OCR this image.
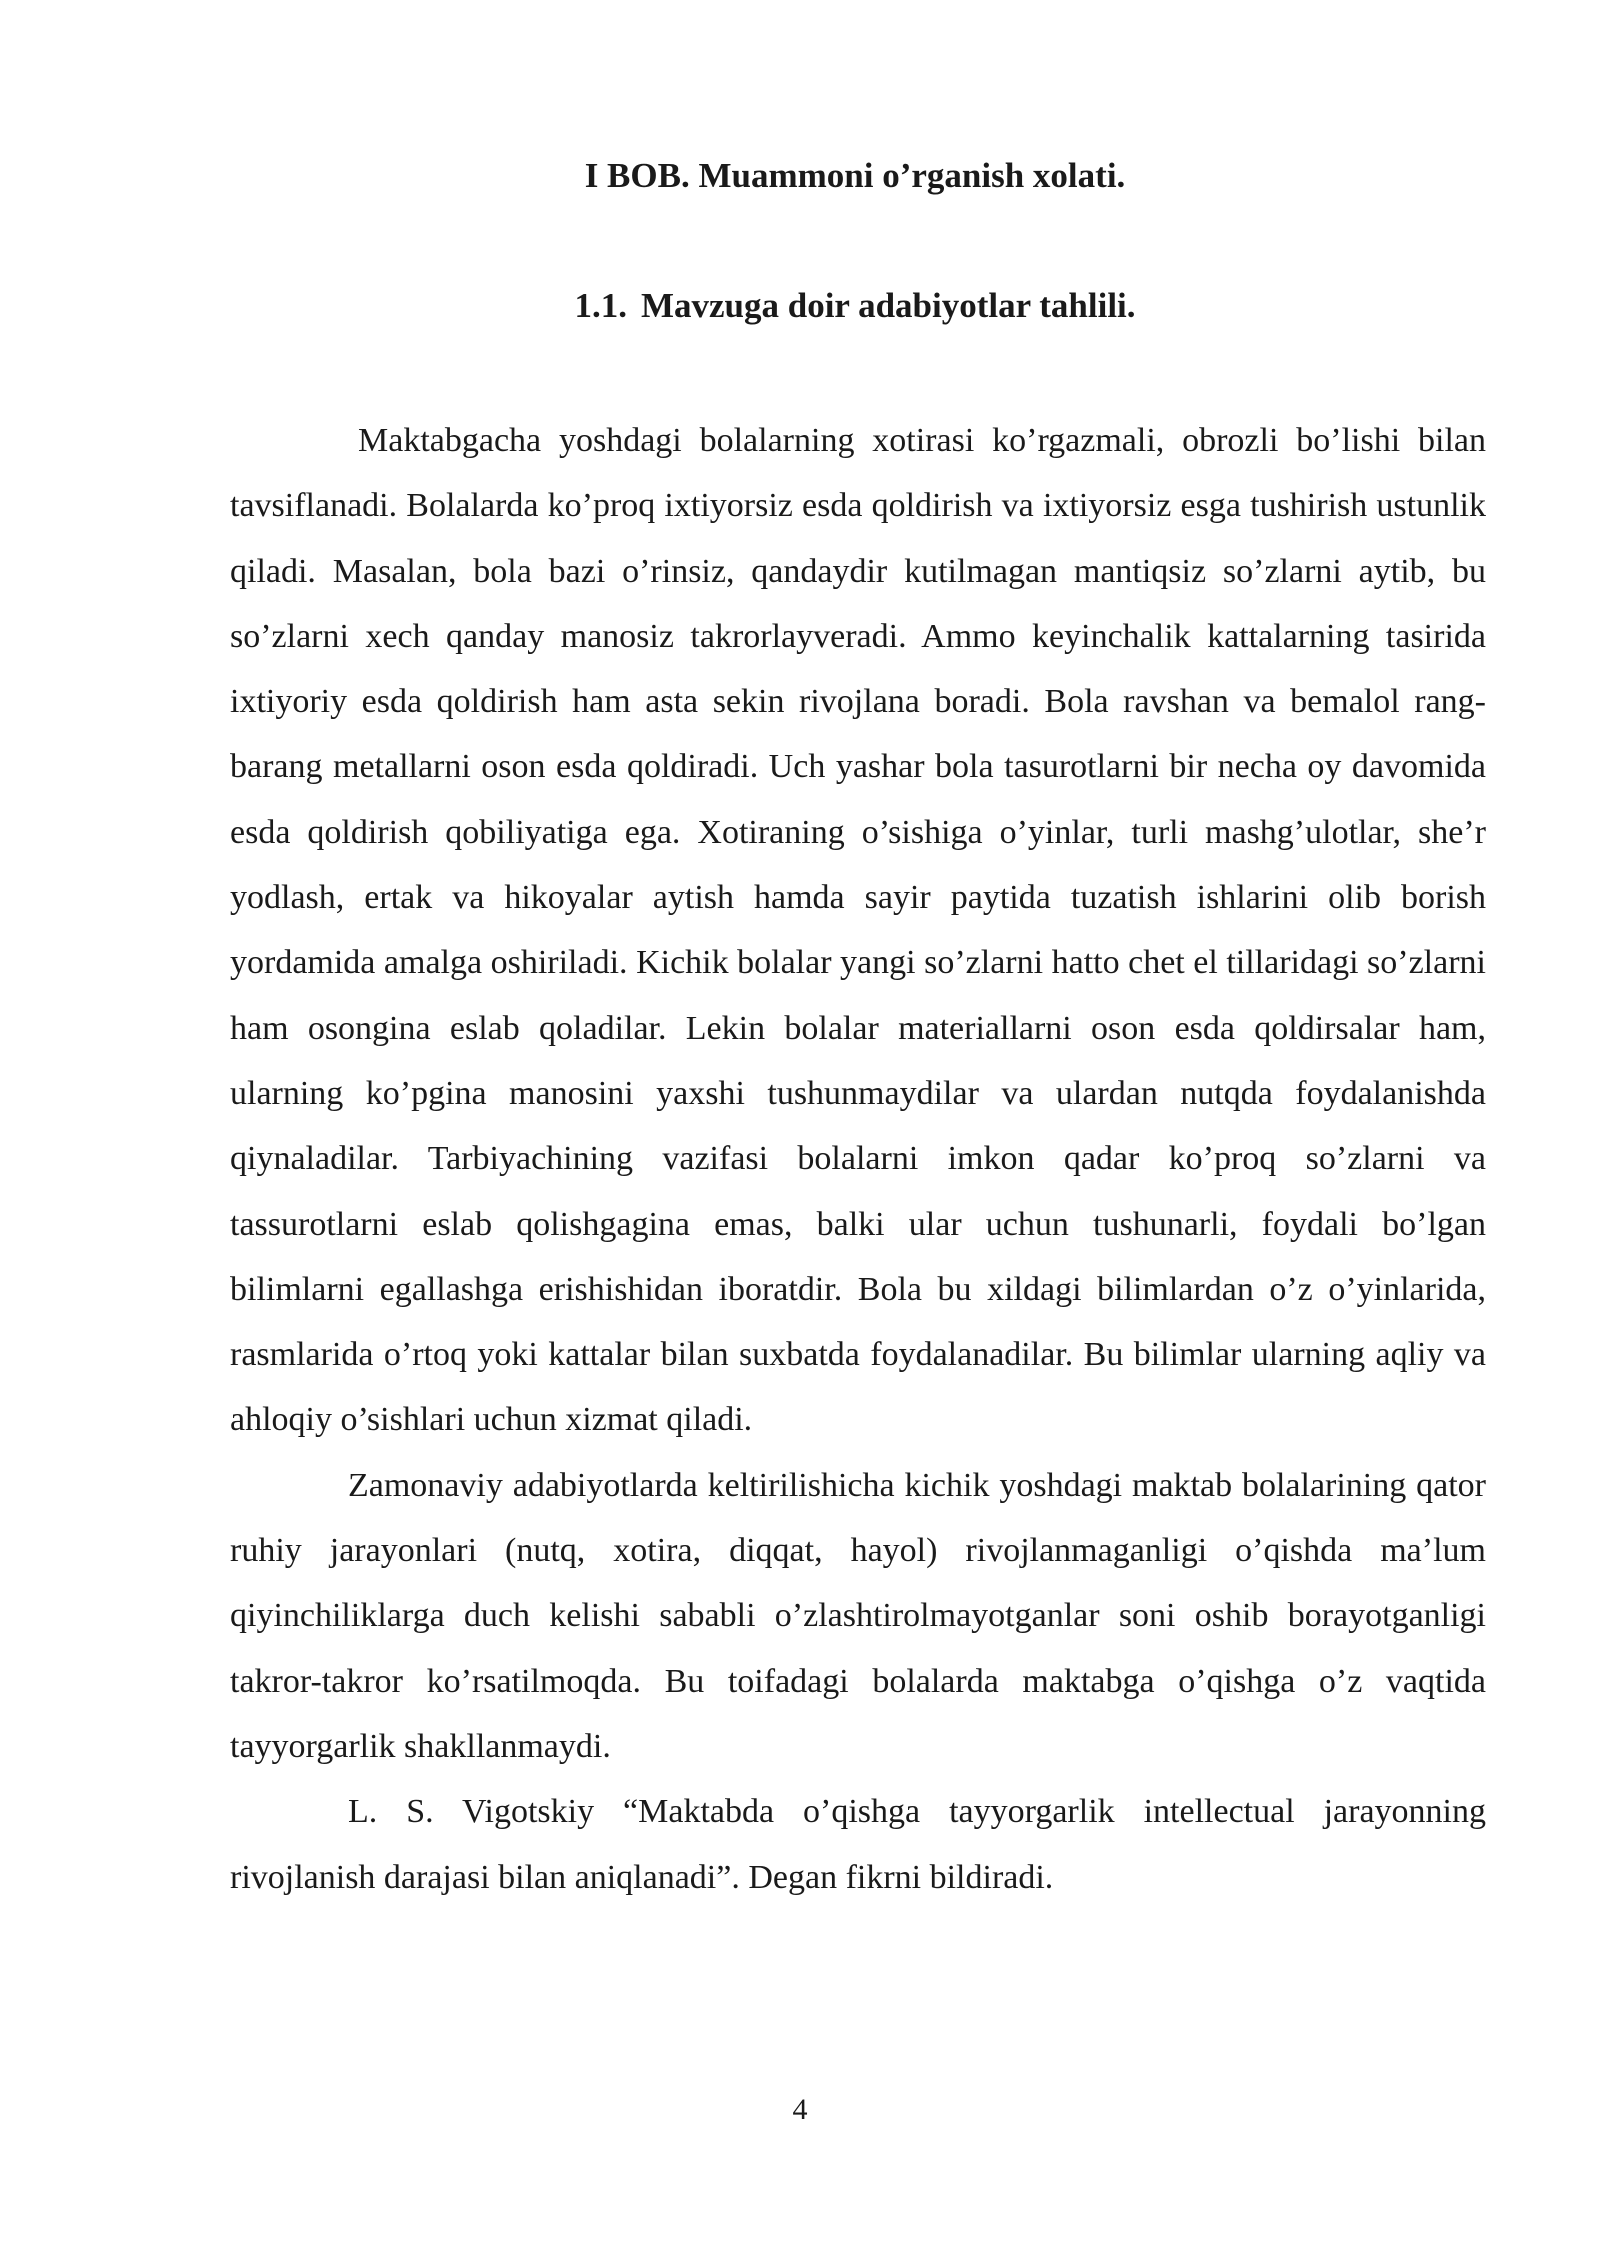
I BOB. Muammoni o’rganish xolati.
1.1. Mavzuga doir adabiyotlar tahlili.

Maktabgacha yoshdagi bolalarning xotirasi ko’rgazmali, obrozli bo’lishi bilan tavsiflanadi. Bolalarda ko’proq ixtiyorsiz esda qoldirish va ixtiyorsiz esga tushirish ustunlik qiladi. Masalan, bola bazi o’rinsiz, qandaydir kutilmagan mantiqsiz so’zlarni aytib, bu so’zlarni xech qanday manosiz takrorlayveradi. Ammo keyinchalik kattalarning tasirida ixtiyoriy esda qoldirish ham asta sekin rivojlana boradi. Bola ravshan va bemalol rang-barang metallarni oson esda qoldiradi. Uch yashar bola tasurotlarni bir necha oy davomida esda qoldirish qobiliyatiga ega. Xotiraning o’sishiga o’yinlar, turli mashg’ulotlar, she’r yodlash, ertak va hikoyalar aytish hamda sayir paytida tuzatish ishlarini olib borish yordamida amalga oshiriladi. Kichik bolalar yangi so’zlarni hatto chet el tillaridagi so’zlarni ham osongina eslab qoladilar. Lekin bolalar materiallarni oson esda qoldirsalar ham, ularning ko’pgina manosini yaxshi tushunmaydilar va ulardan nutqda foydalanishda qiynaladilar. Tarbiyachining vazifasi bolalarni imkon qadar ko’proq so’zlarni va tassurotlarni eslab qolishgagina emas, balki ular uchun tushunarli, foydali bo’lgan bilimlarni egallashga erishishidan iboratdir. Bola bu xildagi bilimlardan o’z o’yinlarida, rasmlarida o’rtoq yoki kattalar bilan suxbatda foydalanadilar. Bu bilimlar ularning aqliy va ahloqiy o’sishlari uchun xizmat qiladi.

Zamonaviy adabiyotlarda keltirilishicha kichik yoshdagi maktab bolalarining qator ruhiy jarayonlari (nutq, xotira, diqqat, hayol) rivojlanmaganligi o’qishda ma’lum qiyinchiliklarga duch kelishi sababli o’zlashtirolmayotganlar soni oshib borayotganligi takror-takror ko’rsatilmoqda. Bu toifadagi bolalarda maktabga o’qishga o’z vaqtida tayyorgarlik shakllanmaydi.

L. S. Vigotskiy “Maktabda o’qishga tayyorgarlik intellectual jarayonning rivojlanish darajasi bilan aniqlanadi”. Degan fikrni bildiradi.

4
